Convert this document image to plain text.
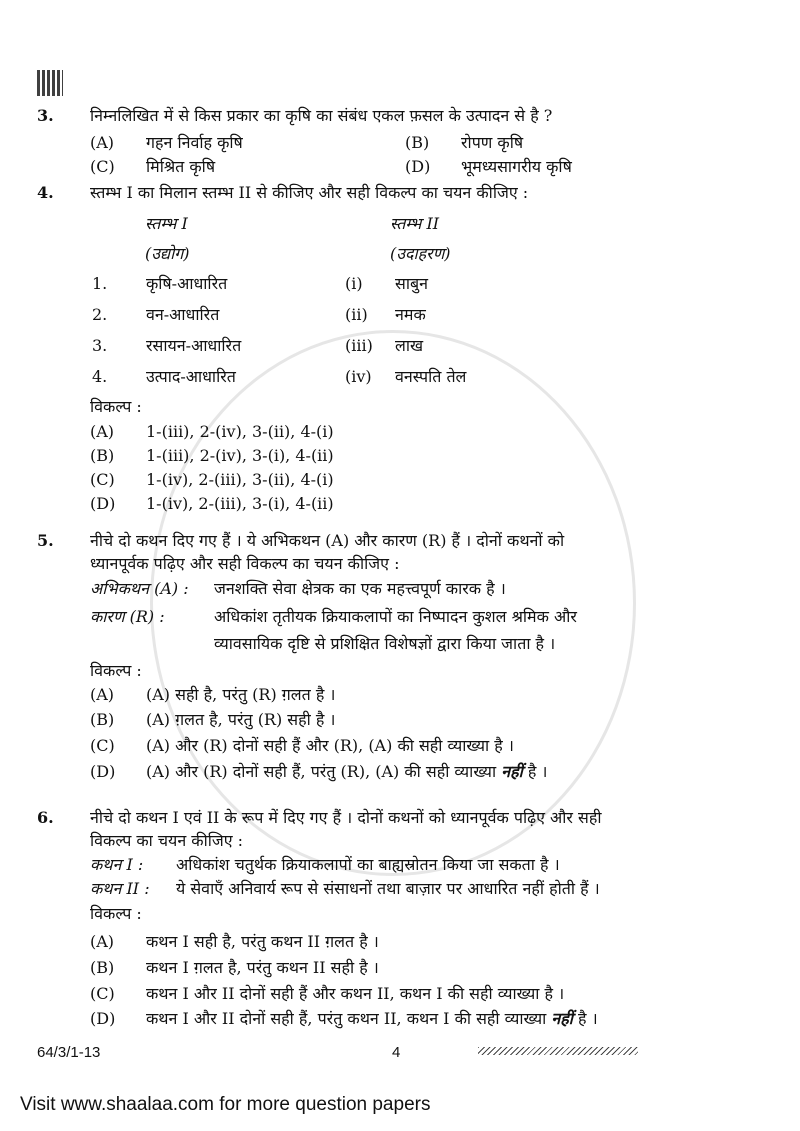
3.	निम्नलिखित में से किस प्रकार का कृषि का संबंध एकल फ़सल के उत्पादन से है ?
(A)	गहन निर्वाह कृषि	(B)	रोपण कृषि
(C)	मिश्रित कृषि	(D)	भूमध्यसागरीय कृषि
4.	स्तम्भ I का मिलान स्तम्भ II से कीजिए और सही विकल्प का चयन कीजिए :
स्तम्भ I	स्तम्भ II
(उद्योग)	(उदाहरण)
1.	कृषि-आधारित	(i)	साबुन
2.	वन-आधारित	(ii)	नमक
3.	रसायन-आधारित	(iii)	लाख
4.	उत्पाद-आधारित	(iv)	वनस्पति तेल
विकल्प :
(A)	1-(iii), 2-(iv), 3-(ii), 4-(i)
(B)	1-(iii), 2-(iv), 3-(i), 4-(ii)
(C)	1-(iv), 2-(iii), 3-(ii), 4-(i)
(D)	1-(iv), 2-(iii), 3-(i), 4-(ii)
5.	नीचे दो कथन दिए गए हैं । ये अभिकथन (A) और कारण (R) हैं । दोनों कथनों को
ध्यानपूर्वक पढ़िए और सही विकल्प का चयन कीजिए :
अभिकथन (A) :	जनशक्ति सेवा क्षेत्रक का एक महत्त्वपूर्ण कारक है ।
कारण (R) :	अधिकांश तृतीयक क्रियाकलापों का निष्पादन कुशल श्रमिक और
व्यावसायिक दृष्टि से प्रशिक्षित विशेषज्ञों द्वारा किया जाता है ।
विकल्प :
(A)	(A) सही है, परंतु (R) ग़लत है ।
(B)	(A) ग़लत है, परंतु (R) सही है ।
(C)	(A) और (R) दोनों सही हैं और (R), (A) की सही व्याख्या है ।
(D)	(A) और (R) दोनों सही हैं, परंतु (R), (A) की सही व्याख्या नहीं है ।
6.	नीचे दो कथन I एवं II के रूप में दिए गए हैं । दोनों कथनों को ध्यानपूर्वक पढ़िए और सही
विकल्प का चयन कीजिए :
कथन I :	अधिकांश चतुर्थक क्रियाकलापों का बाह्यस्रोतन किया जा सकता है ।
कथन II :	ये सेवाएँ अनिवार्य रूप से संसाधनों तथा बाज़ार पर आधारित नहीं होती हैं ।
विकल्प :
(A)	कथन I सही है, परंतु कथन II ग़लत है ।
(B)	कथन I ग़लत है, परंतु कथन II सही है ।
(C)	कथन I और II दोनों सही हैं और कथन II, कथन I की सही व्याख्या है ।
(D)	कथन I और II दोनों सही हैं, परंतु कथन II, कथन I की सही व्याख्या नहीं है ।
64/3/1-13	4
Visit www.shaalaa.com for more question papers
